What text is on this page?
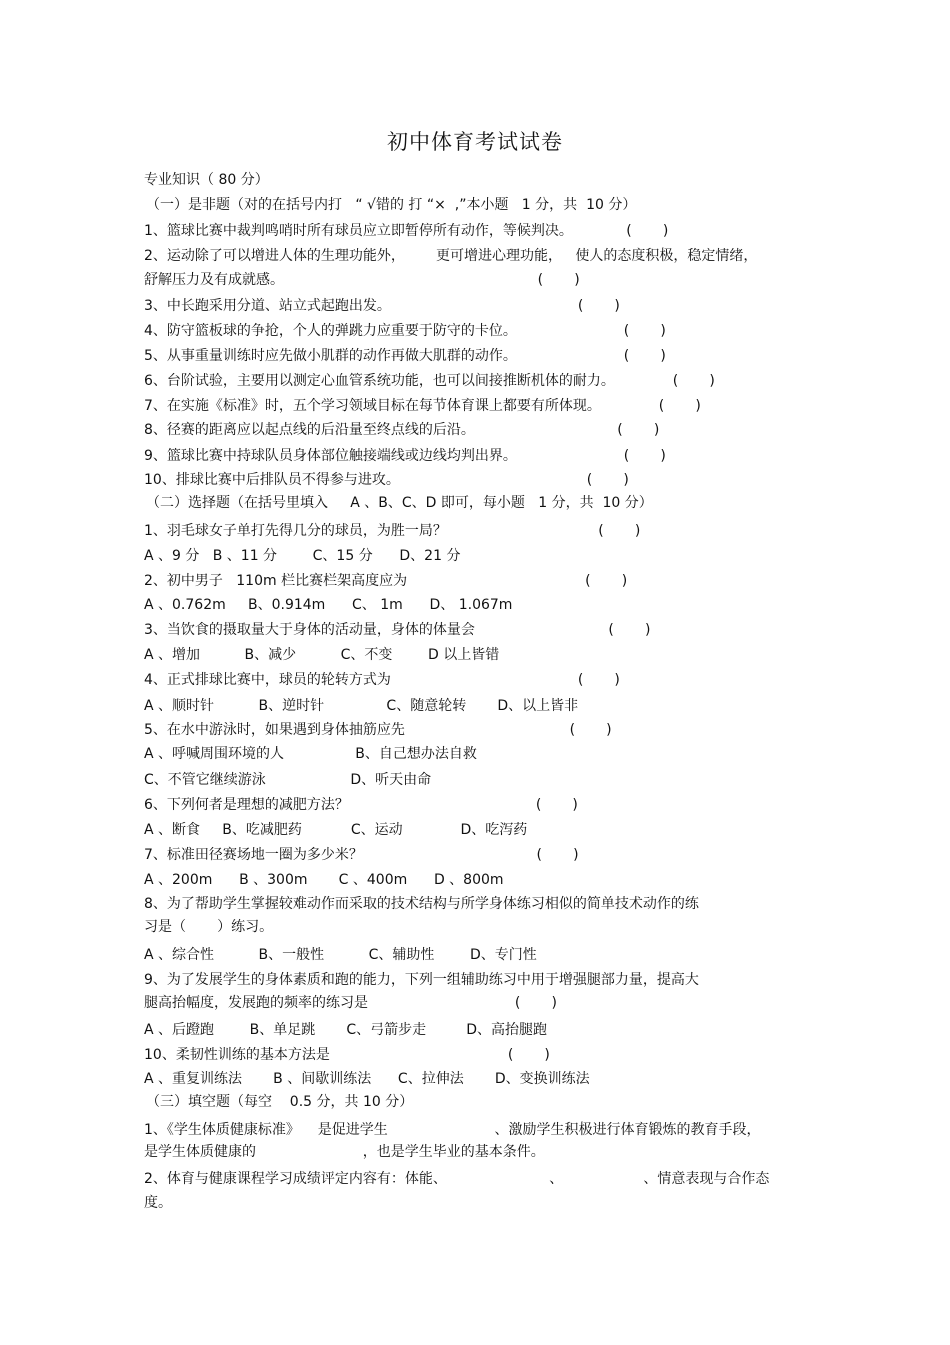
初中体育考试试卷
专业知识（ 80 分）
（一）是非题（对的在括号内打   “ √错的 打 “×  ,”本小题   1 分，共  10 分）
1、篮球比赛中裁判鸣哨时所有球员应立即暂停所有动作，等候判决。            (       )
2、运动除了可以增进人体的生理功能外，       更可增进心理功能，   使人的态度积极，稳定情绪，
舒解压力及有成就感。                                                         (       )
3、中长跑采用分道、站立式起跑出发。                                          (       )
4、防守篮板球的争抢，个人的弹跳力应重要于防守的卡位。                        (       )
5、从事重量训练时应先做小肌群的动作再做大肌群的动作。                        (       )
6、台阶试验，主要用以测定心血管系统功能，也可以间接推断机体的耐力。             (       )
7、在实施《标准》时，五个学习领域目标在每节体育课上都要有所体现。             (       )
8、径赛的距离应以起点线的后沿量至终点线的后沿。                                (       )
9、篮球比赛中持球队员身体部位触接端线或边线均判出界。                        (       )
10、排球比赛中后排队员不得参与进攻。                                          (       )
（二）选择题（在括号里填入     A 、B、C、D 即可，每小题   1 分，共  10 分）
1、羽毛球女子单打先得几分的球员，为胜一局？                                  (       )
A 、9 分   B 、11 分        C、15 分      D、21 分
2、初中男子   110m 栏比赛栏架高度应为                                        (       )
A 、0.762m     B、0.914m      C、 1m      D、 1.067m
3、当饮食的摄取量大于身体的活动量，身体的体量会                              (       )
A 、增加          B、减少          C、不变        D 以上皆错
4、正式排球比赛中，球员的轮转方式为                                          (       )
A 、顺时针          B、逆时针              C、随意轮转       D、以上皆非
5、在水中游泳时，如果遇到身体抽筋应先                                     (       )
A 、呼喊周围环境的人                B、自己想办法自救
C、不管它继续游泳                   D、听天由命
6、下列何者是理想的减肥方法？                                          (       )
A 、断食     B、吃减肥药           C、运动             D、吃泻药
7、标准田径赛场地一圈为多少米？                                       (       )
A 、200m      B 、300m       C 、400m      D 、800m
8、为了帮助学生掌握较难动作而采取的技术结构与所学身体练习相似的简单技术动作的练
习是（       ）练习。
A 、综合性          B、一般性          C、辅助性        D、专门性
9、为了发展学生的身体素质和跑的能力，下列一组辅助练习中用于增强腿部力量，提高大
腿高抬幅度，发展跑的频率的练习是                                 (       )
A 、后蹬跑        B、单足跳       C、弓箭步走         D、高抬腿跑
10、柔韧性训练的基本方法是                                        (       )
A 、重复训练法       B 、间歇训练法      C、拉伸法       D、变换训练法
（三）填空题（每空    0.5 分，共 10 分）
1、《学生体质健康标准》    是促进学生                        、激励学生积极进行体育锻炼的教育手段，
是学生体质健康的                        ，也是学生毕业的基本条件。
2、体育与健康课程学习成绩评定内容有：体能、                       、                  、情意表现与合作态
度。
